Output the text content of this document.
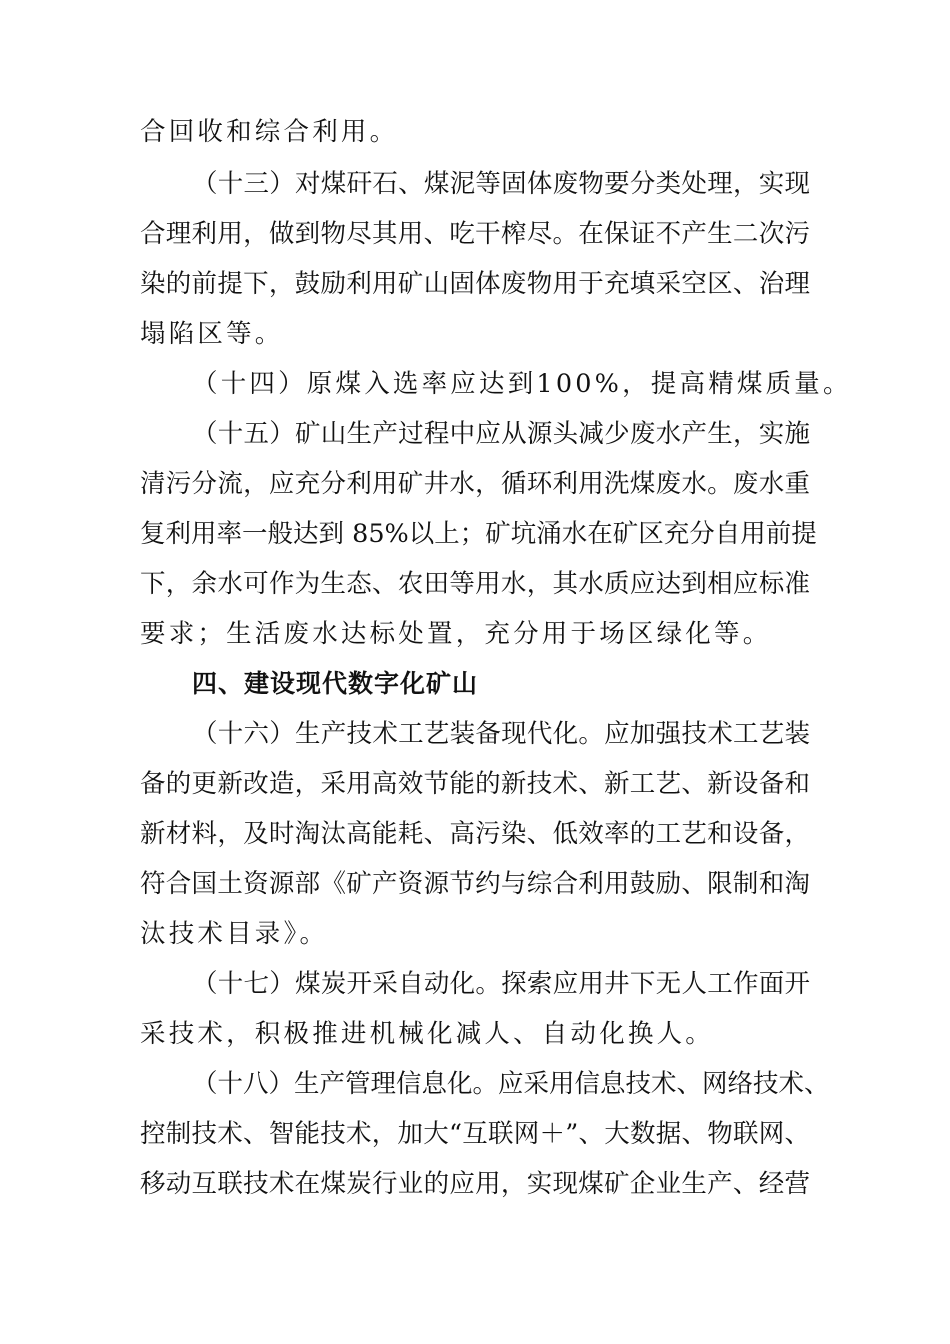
合回收和综合利用。

（十三）对煤矸石、煤泥等固体废物要分类处理，实现

合理利用，做到物尽其用、吃干榨尽。在保证不产生二次污

染的前提下，鼓励利用矿山固体废物用于充填采空区、治理

塌陷区等。

（十四）原煤入选率应达到100%，提高精煤质量。

（十五）矿山生产过程中应从源头减少废水产生，实施

清污分流，应充分利用矿井水，循环利用洗煤废水。废水重

复利用率一般达到 85%以上；矿坑涌水在矿区充分自用前提

下，余水可作为生态、农田等用水，其水质应达到相应标准

要求；生活废水达标处置，充分用于场区绿化等。

四、建设现代数字化矿山

（十六）生产技术工艺装备现代化。应加强技术工艺装

备的更新改造，采用高效节能的新技术、新工艺、新设备和

新材料，及时淘汰高能耗、高污染、低效率的工艺和设备，

符合国土资源部《矿产资源节约与综合利用鼓励、限制和淘

汰技术目录》。

（十七）煤炭开采自动化。探索应用井下无人工作面开

采技术，积极推进机械化减人、自动化换人。

（十八）生产管理信息化。应采用信息技术、网络技术、

控制技术、智能技术，加大“互联网＋”、大数据、物联网、

移动互联技术在煤炭行业的应用，实现煤矿企业生产、经营
